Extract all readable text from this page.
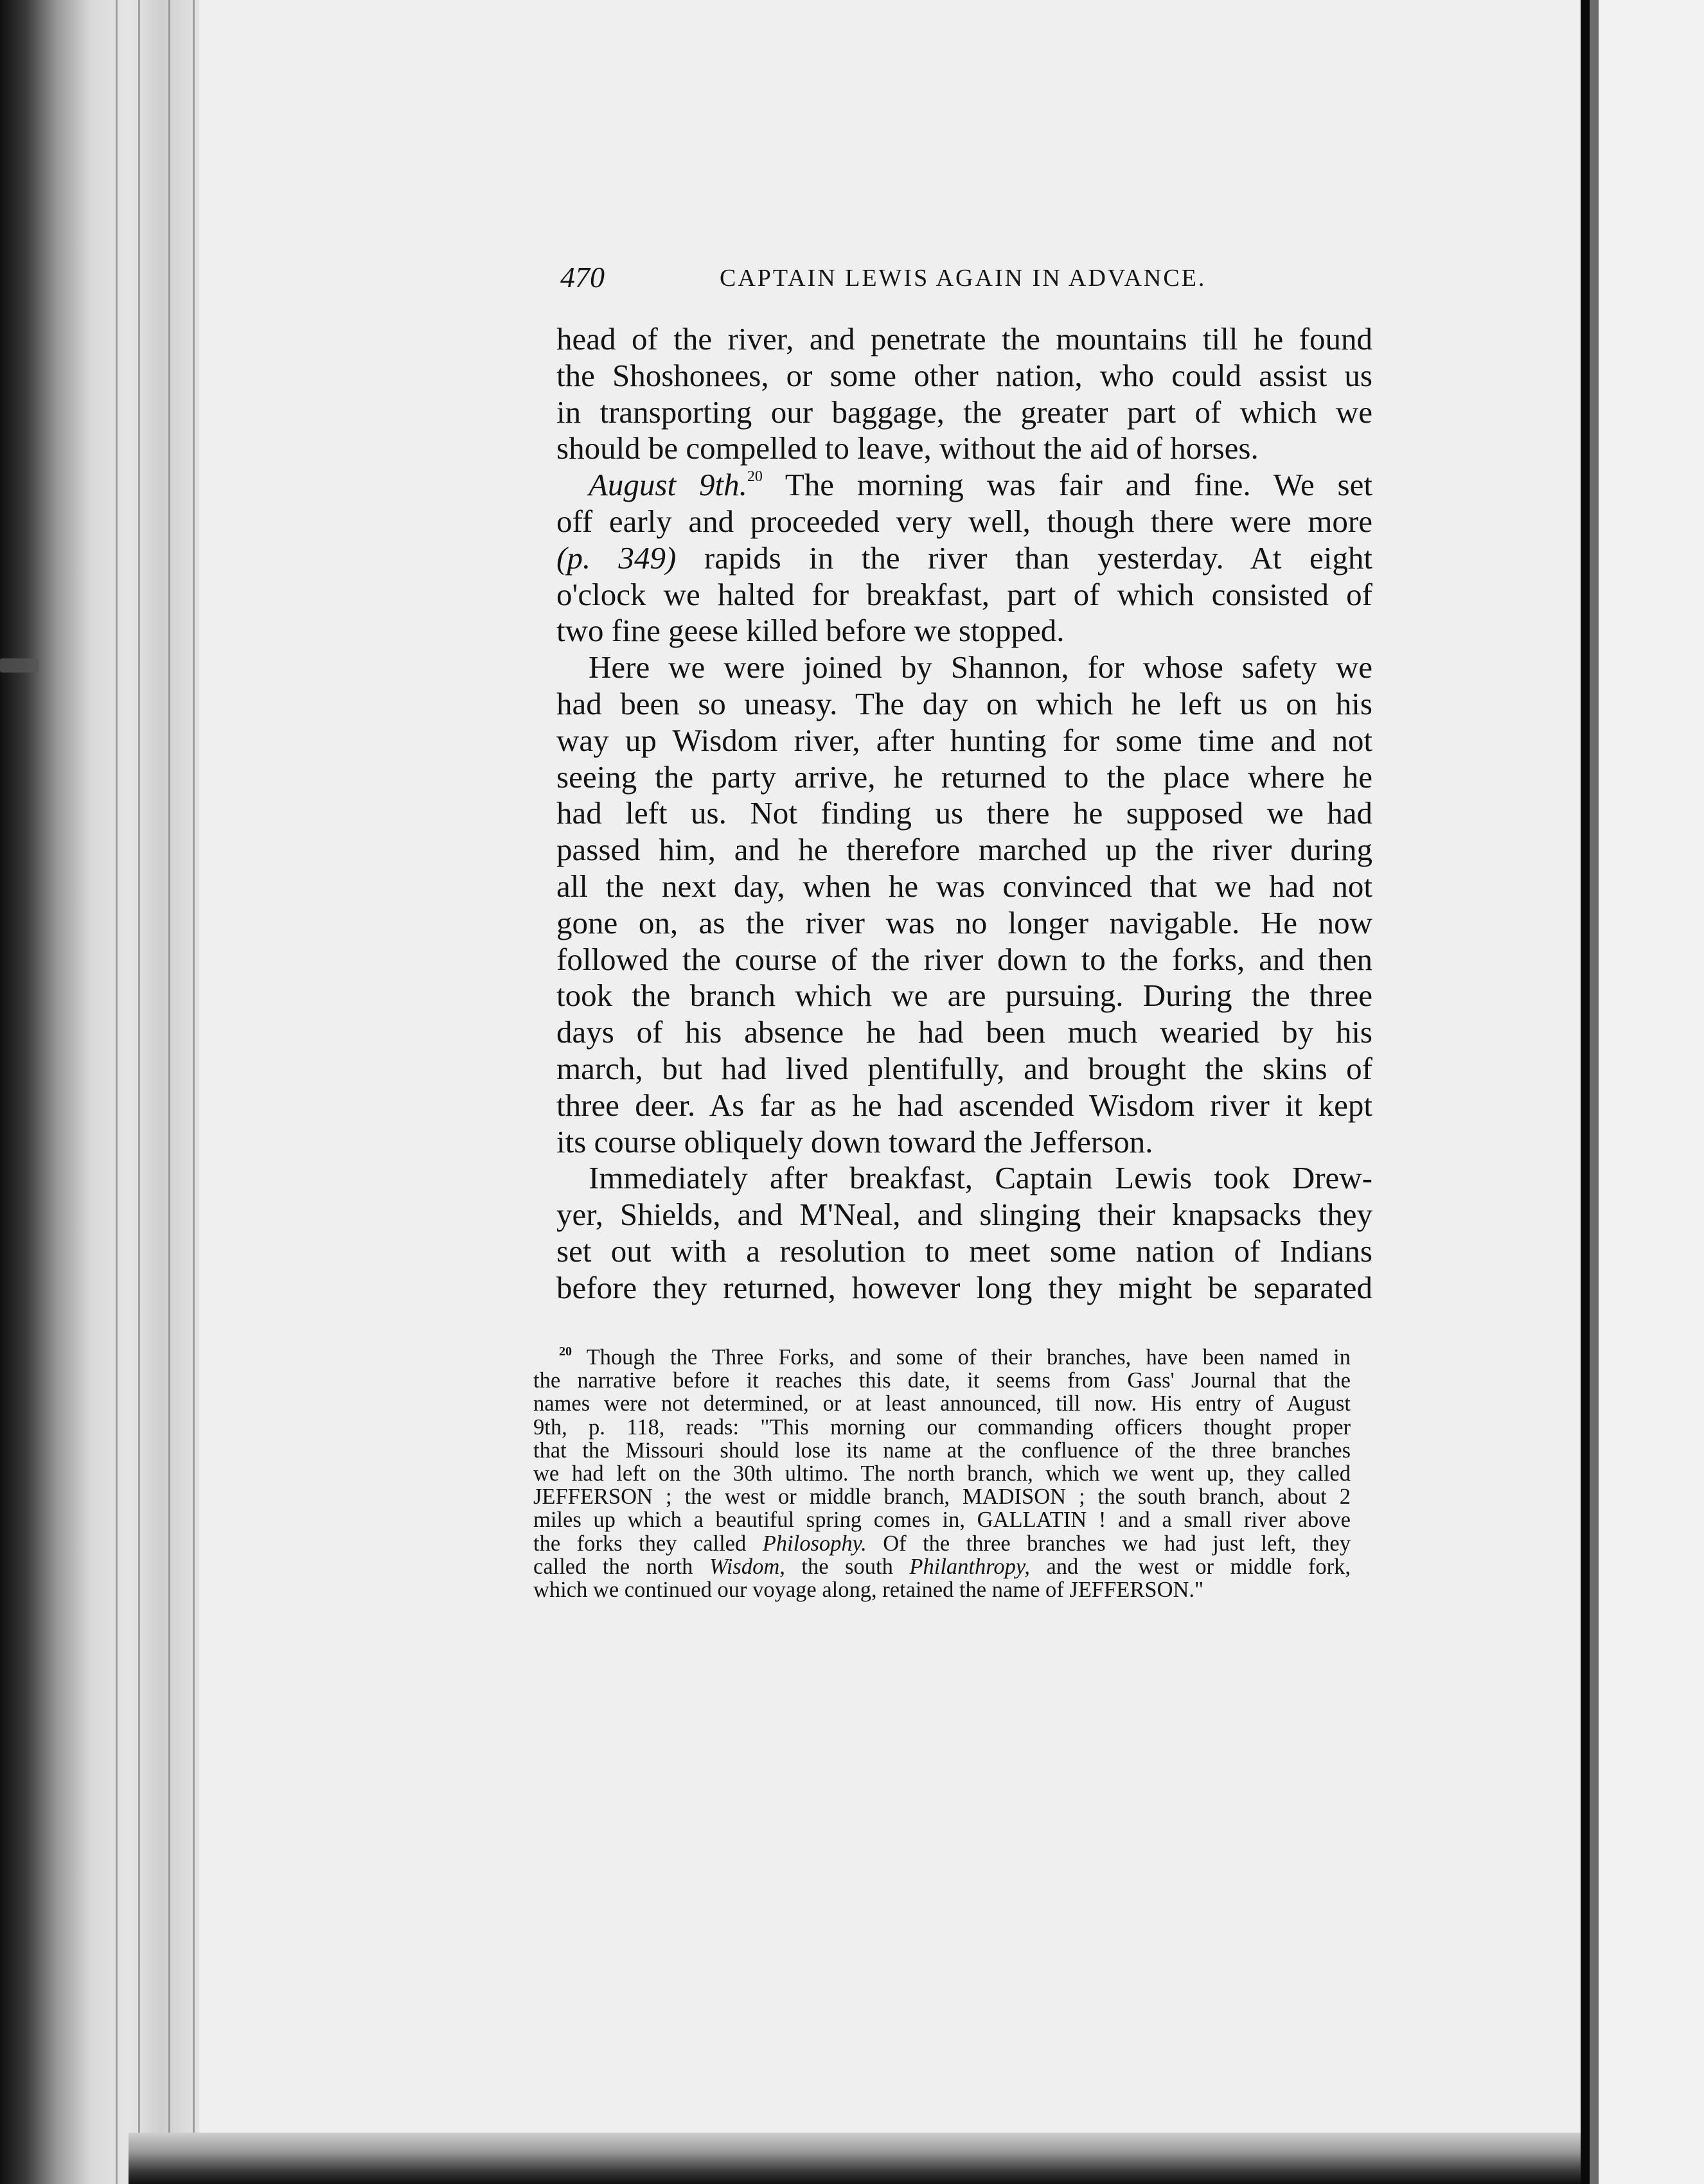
470	CAPTAIN LEWIS AGAIN IN ADVANCE.
head of the river, and penetrate the mountains till he found
the Shoshonees, or some other nation, who could assist us
in transporting our baggage, the greater part of which we
should be compelled to leave, without the aid of horses.
August 9th.$^{20}$ The morning was fair and fine. We set
off early and proceeded very well, though there were more
(p. 349) rapids in the river than yesterday. At eight
o'clock we halted for breakfast, part of which consisted of
two fine geese killed before we stopped.
Here we were joined by Shannon, for whose safety we
had been so uneasy. The day on which he left us on his
way up Wisdom river, after hunting for some time and not
seeing the party arrive, he returned to the place where he
had left us. Not finding us there he supposed we had
passed him, and he therefore marched up the river during
all the next day, when he was convinced that we had not
gone on, as the river was no longer navigable. He now
followed the course of the river down to the forks, and then
took the branch which we are pursuing. During the three
days of his absence he had been much wearied by his
march, but had lived plentifully, and brought the skins of
three deer. As far as he had ascended Wisdom river it kept
its course obliquely down toward the Jefferson.
Immediately after breakfast, Captain Lewis took Drew-
yer, Shields, and M'Neal, and slinging their knapsacks they
set out with a resolution to meet some nation of Indians
before they returned, however long they might be separated
$^{20}$ Though the Three Forks, and some of their branches, have been named in
the narrative before it reaches this date, it seems from Gass' Journal that the
names were not determined, or at least announced, till now. His entry of August
9th, p. 118, reads: "This morning our commanding officers thought proper
that the Missouri should lose its name at the confluence of the three branches
we had left on the 30th ultimo. The north branch, which we went up, they called
JEFFERSON ; the west or middle branch, MADISON ; the south branch, about 2
miles up which a beautiful spring comes in, GALLATIN ! and a small river above
the forks they called Philosophy. Of the three branches we had just left, they
called the north Wisdom, the south Philanthropy, and the west or middle fork,
which we continued our voyage along, retained the name of JEFFERSON."
